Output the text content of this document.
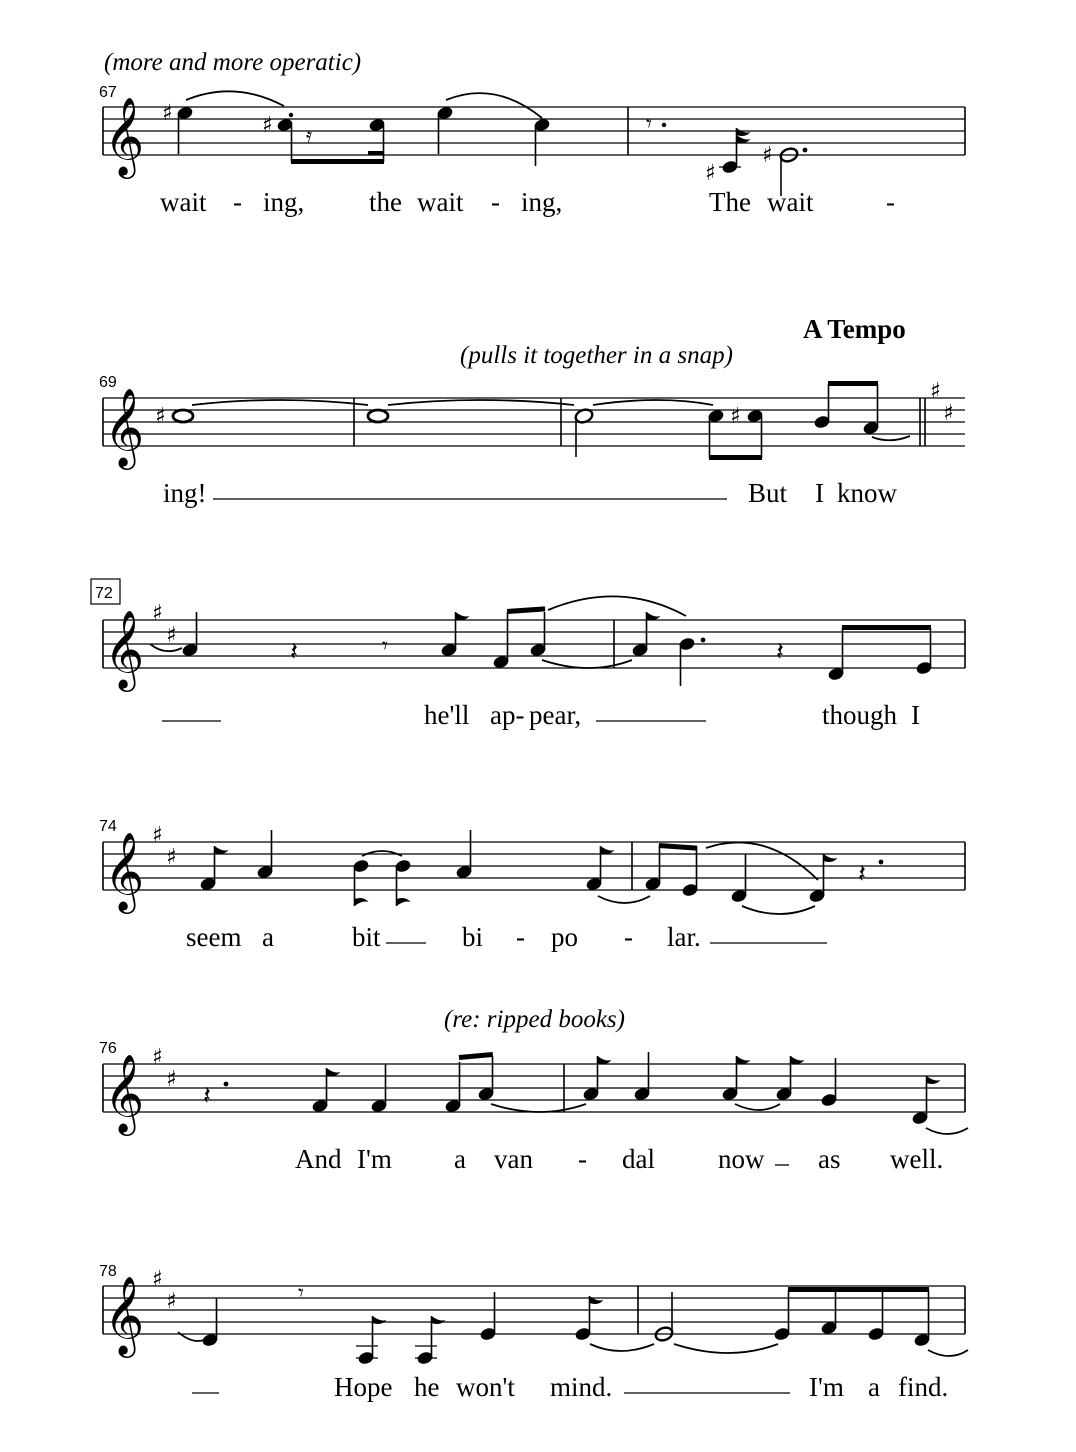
(more and more operatic)
67
𝄞 ♯	♯ 𝄿	𝄾
♯
♯
wait - ing, the wait - ing,	The wait	-
A Tempo
(pulls it together in a snap)
69
𝄞	♯
♯
♯	♯
ing!	But I know
72
𝄞 ♯
♯
𝄽	𝄾	𝄽
he'll ap- pear,	though I
74
𝄞 ♯
♯
𝄽
seem a	bit	bi - po - lar.
(re: ripped books)
76
𝄞 ♯
♯
𝄽
And I'm a van - dal now as well.
78
𝄞 ♯
♯	𝄾
Hope he won't mind.	I'm a find.
